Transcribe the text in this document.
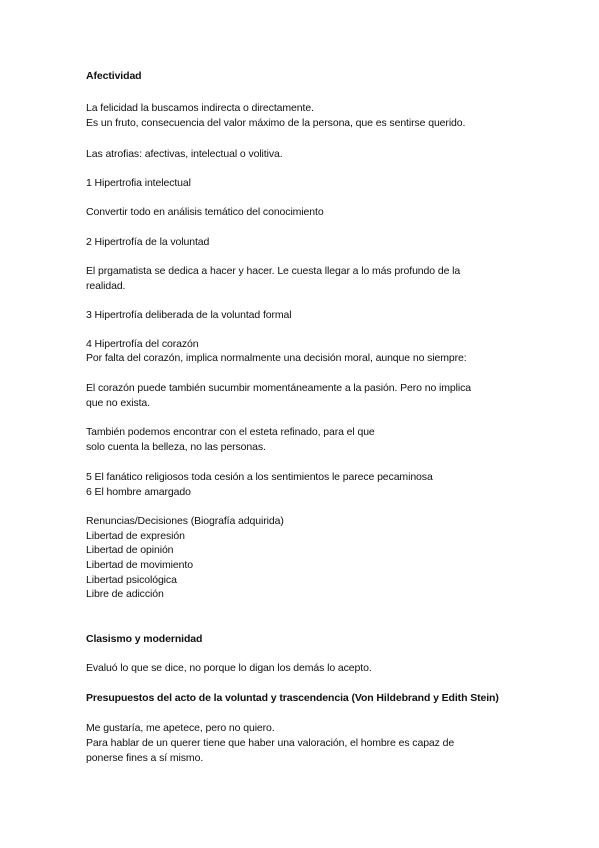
Afectividad
La felicidad la buscamos indirecta o directamente.
Es un fruto, consecuencia del valor máximo de la persona, que es sentirse querido.
Las atrofias: afectivas, intelectual o volitiva.
1 Hipertrofia intelectual
Convertir todo en análisis temático del conocimiento
2 Hipertrofía de la voluntad
El prgamatista se dedica a hacer y hacer. Le cuesta llegar a lo más profundo de la
realidad.
3 Hipertrofía deliberada de la voluntad formal
4 Hipertrofía del corazón
Por falta del corazón, implica normalmente una decisión moral, aunque no siempre:
El corazón puede también sucumbir momentáneamente a la pasión. Pero no implica
que no exista.
También podemos encontrar con el esteta refinado, para el que
solo cuenta la belleza, no las personas.
5 El fanático religiosos toda cesión a los sentimientos le parece pecaminosa
6 El hombre amargado
Renuncias/Decisiones (Biografía adquirida)
Libertad de expresión
Libertad de opinión
Libertad de movimiento
Libertad psicológica
Libre de adicción
Clasismo y modernidad
Evaluó lo que se dice, no porque lo digan los demás lo acepto.
Presupuestos del acto de la voluntad y trascendencia (Von Hildebrand y Edith Stein)
Me gustaría, me apetece, pero no quiero.
Para hablar de un querer tiene que haber una valoración, el hombre es capaz de
ponerse fines a sí mismo.
